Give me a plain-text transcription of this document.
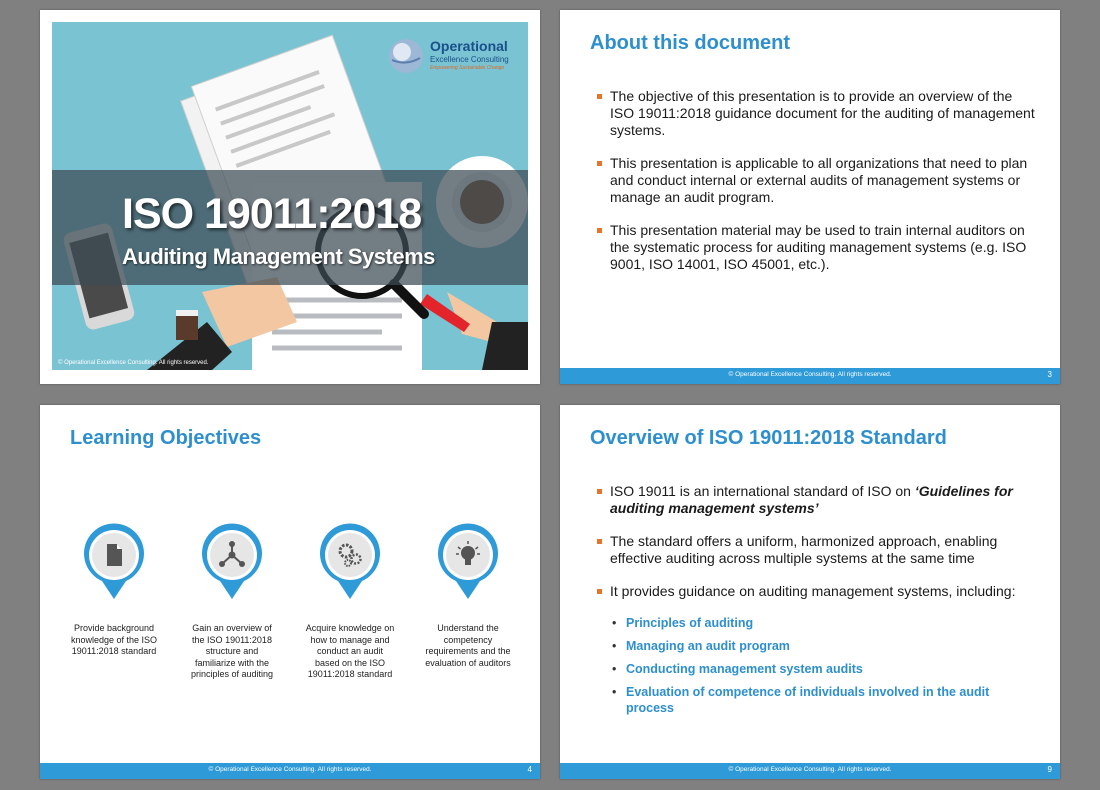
ISO 19011:2018
Auditing Management Systems
Operational
Excellence Consulting
Empowering Sustainable Change
© Operational Excellence Consulting. All rights reserved.
About this document
The objective of this presentation is to provide an overview of the ISO 19011:2018 guidance document for the auditing of management systems.
This presentation is applicable to all organizations that need to plan and conduct internal or external audits of management systems or manage an audit program.
This presentation material may be used to train internal auditors on the systematic process for auditing management systems (e.g. ISO 9001, ISO 14001, ISO 45001, etc.).
© Operational Excellence Consulting. All rights reserved.	3
Learning Objectives
Provide background knowledge of the ISO 19011:2018 standard
Gain an overview of the ISO 19011:2018 structure and familiarize with the principles of auditing
Acquire knowledge on how to manage and conduct an audit based on the ISO 19011:2018 standard
Understand the competency requirements and the evaluation of auditors
© Operational Excellence Consulting. All rights reserved.	4
Overview of ISO 19011:2018 Standard
ISO 19011 is an international standard of ISO on ‘Guidelines for auditing management systems’
The standard offers a uniform, harmonized approach, enabling effective auditing across multiple systems at the same time
It provides guidance on auditing management systems, including:
• Principles of auditing
• Managing an audit program
• Conducting management system audits
• Evaluation of competence of individuals involved in the audit process
© Operational Excellence Consulting. All rights reserved.	9
